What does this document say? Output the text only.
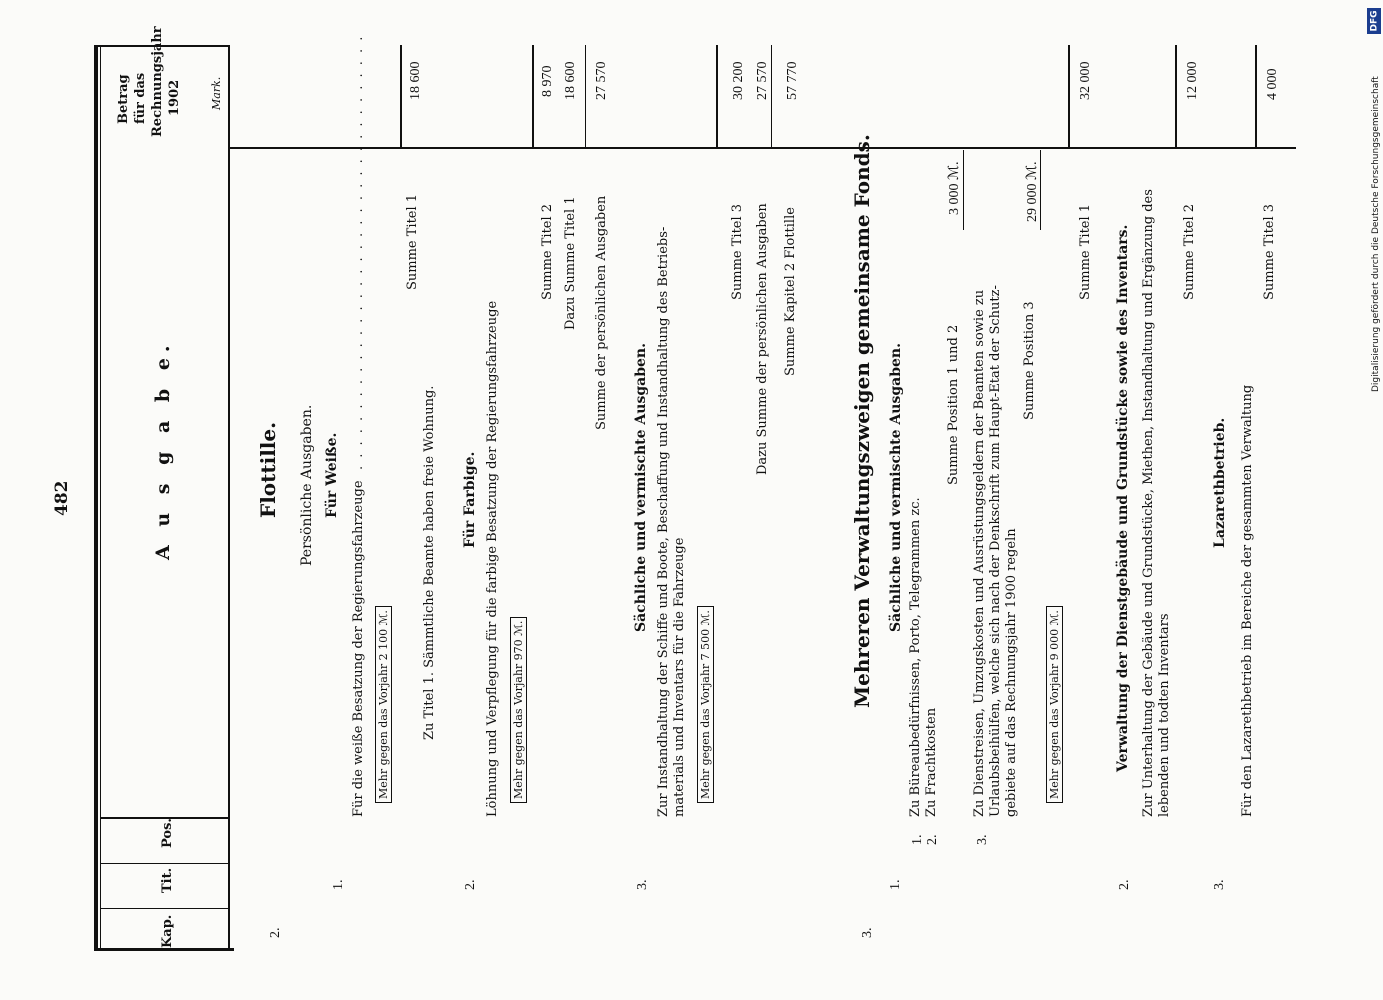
482
Kap.
Tit.
Pos.
A u s g a b e.
Betrag für das Rechnungsjahr 1902	Mark.
2.
Flottille. Persönliche Ausgaben. Für Weiße.
1.
Für die weiße Besatzung der Regierungsfahrzeuge
. . . . . . . . . . . . . . . . . . . . . . . . . . . . . . . . . . . .
Mehr gegen das Vorjahr 2 100 ℳ. Zu Titel 1. Sämmtliche Beamte haben freie Wohnung.
Summe Titel 1
18 600
Für Farbige.
2.
Löhnung und Verpflegung für die farbige Besatzung der Regierungsfahrzeuge Mehr gegen das Vorjahr 970 ℳ.
Summe Titel 2
8 970
Dazu Summe Titel 1
18 600
Summe der persönlichen Ausgaben
27 570
Sächliche und vermischte Ausgaben.
3.
Zur Instandhaltung der Schiffe und Boote, Beschaffung und Instandhaltung des Betriebs- materials und Inventars für die Fahrzeuge Mehr gegen das Vorjahr 7 500 ℳ.
Summe Titel 3
30 200
Dazu Summe der persönlichen Ausgaben
27 570
Summe Kapitel 2 Flottille
57 770
3.
Mehreren Verwaltungszweigen gemeinsame Fonds. Sächliche und vermischte Ausgaben.
1.
1. 2.
Zu Büreaubedürfnissen, Porto, Telegrammen zc. Zu Frachtkosten
Summe Position 1 und 2
3 000 ℳ.
3.
Zu Dienstreisen, Umzugskosten und Ausrüstungsgeldern der Beamten sowie zu Urlaubsbeihülfen, welche sich nach der Denkschrift zum Haupt-Etat der Schutz- gebiete auf das Rechnungsjahr 1900 regeln
Summe Position 3
29 000 ℳ.
Mehr gegen das Vorjahr 9 000 ℳ.
Summe Titel 1
32 000
Verwaltung der Dienstgebäude und Grundstücke sowie des Inventars.
2.
Zur Unterhaltung der Gebäude und Grundstücke, Miethen, Instandhaltung und Ergänzung des lebenden und todten Inventars
Summe Titel 2
12 000
Lazarethbetrieb.
3.
Für den Lazarethbetrieb im Bereiche der gesammten Verwaltung
Summe Titel 3
4 000	Digitalisierung gefördert durch die Deutsche Forschungsgemeinschaft
DFG
